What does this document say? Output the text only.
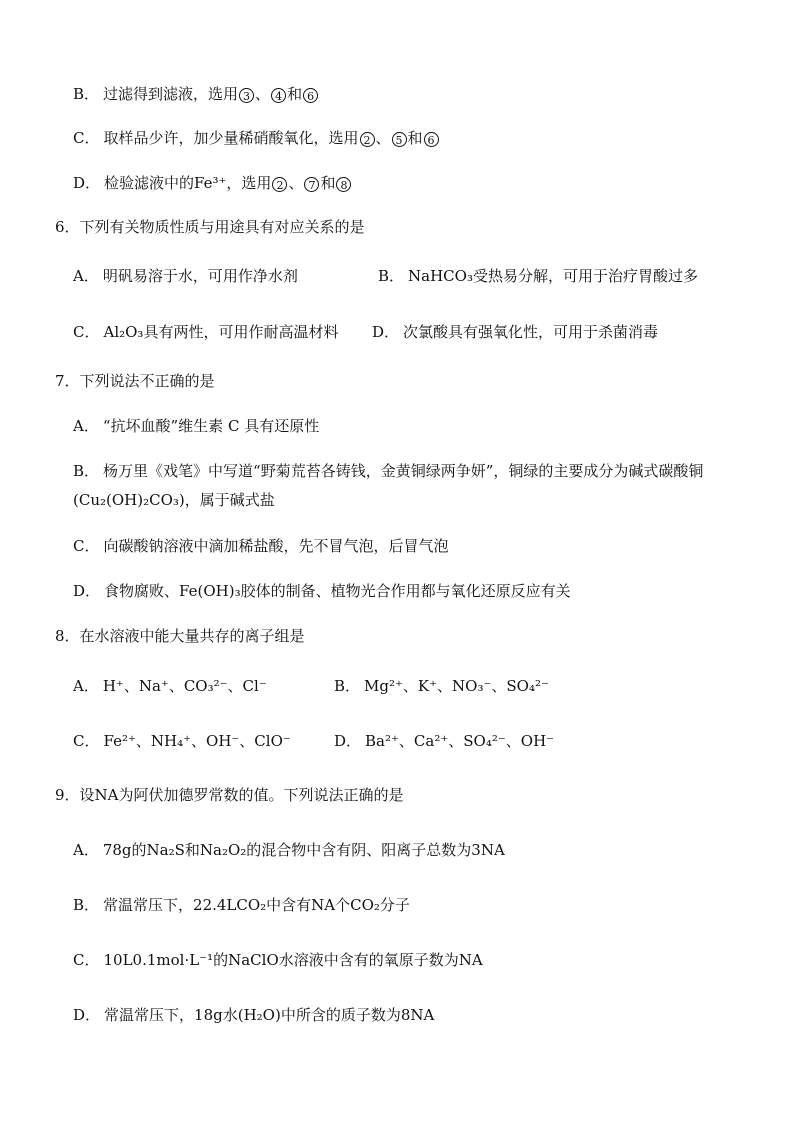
B． 过滤得到滤液，选用 3 、 4 和 6
C． 取样品少许，加少量稀硝酸氧化，选用 2 、 5 和 6
D． 检验滤液中的Fe³⁺，选用 2 、 7 和 8
6．下列有关物质性质与用途具有对应关系的是
A． 明矾易溶于水，可用作净水剂	B． NaHCO₃受热易分解，可用于治疗胃酸过多
C． Al₂O₃具有两性，可用作耐高温材料 D． 次氯酸具有强氧化性，可用于杀菌消毒
7．下列说法不正确的是
A． “抗坏血酸”维生素 C 具有还原性
B． 杨万里《戏笔》中写道“野菊荒苔各铸钱，金黄铜绿两争妍”，铜绿的主要成分为碱式碳酸铜
(Cu₂(OH)₂CO₃)，属于碱式盐
C． 向碳酸钠溶液中滴加稀盐酸，先不冒气泡，后冒气泡
D． 食物腐败、Fe(OH)₃胶体的制备、植物光合作用都与氧化还原反应有关
8．在水溶液中能大量共存的离子组是
A． H⁺、Na⁺、CO₃²⁻、Cl⁻	B． Mg²⁺、K⁺、NO₃⁻、SO₄²⁻
C． Fe²⁺、NH₄⁺、OH⁻、ClO⁻	D． Ba²⁺、Ca²⁺、SO₄²⁻、OH⁻
9．设NA为阿伏加德罗常数的值。下列说法正确的是
A． 78g的Na₂S和Na₂O₂的混合物中含有阴、阳离子总数为3NA
B． 常温常压下，22.4LCO₂中含有NA个CO₂分子
C． 10L0.1mol·L⁻¹的NaClO水溶液中含有的氧原子数为NA
D． 常温常压下，18g水(H₂O)中所含的质子数为8NA
